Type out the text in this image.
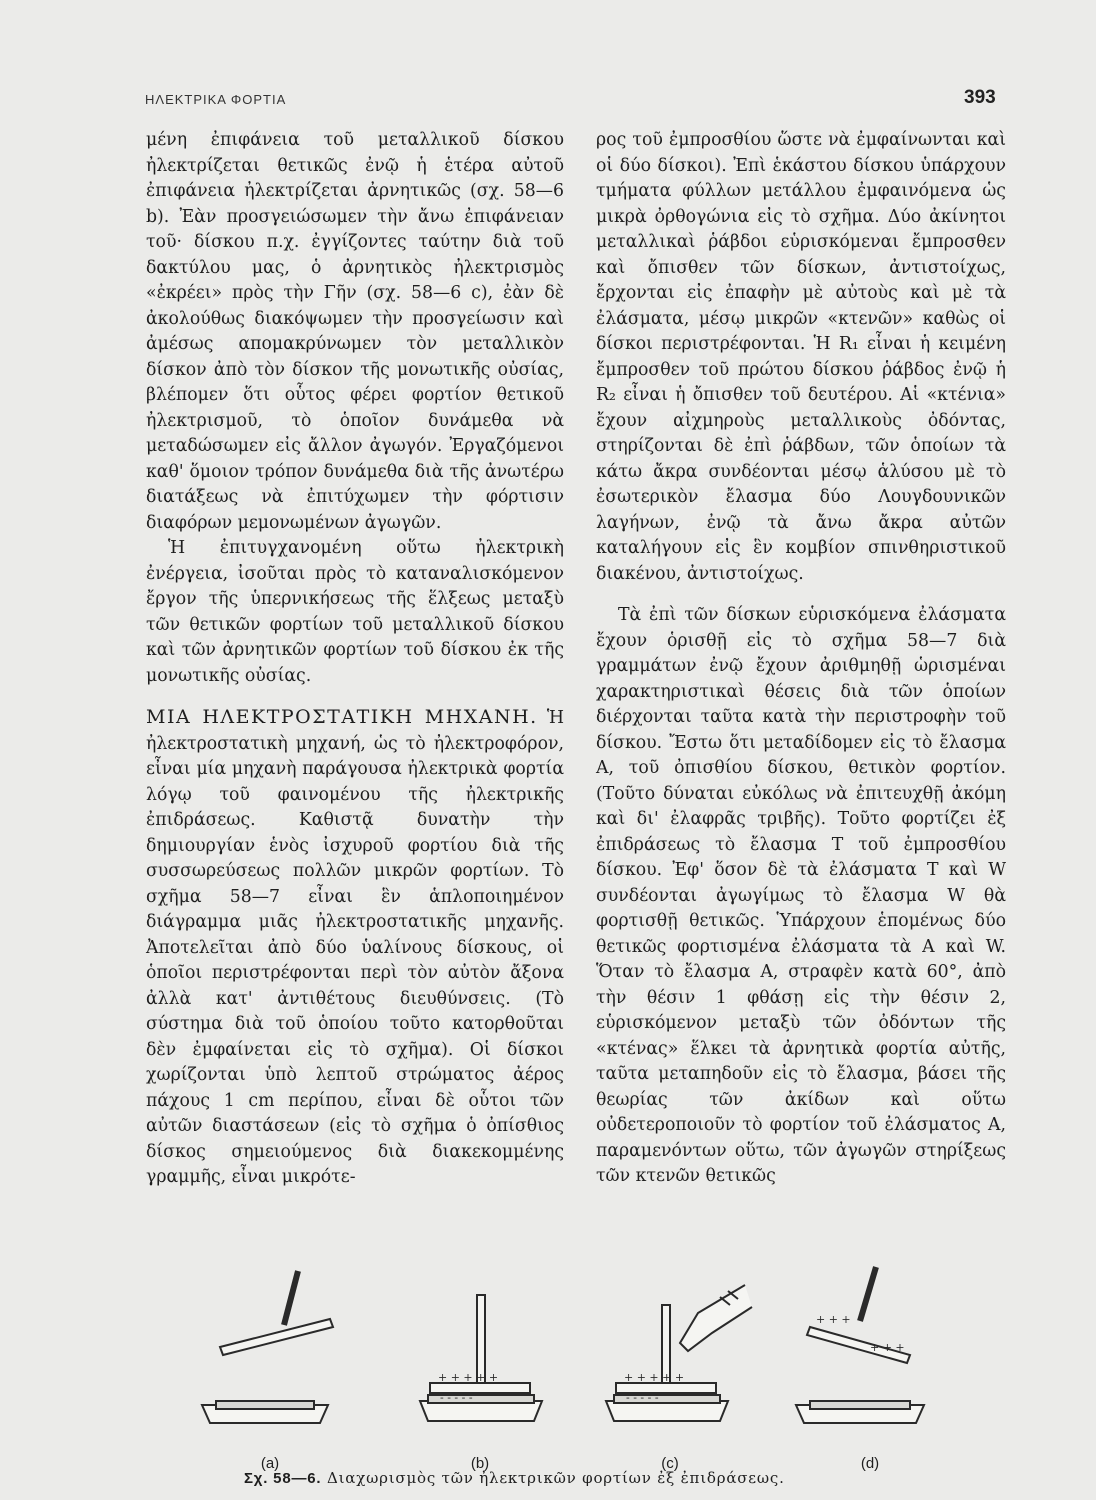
ΗΛΕΚΤΡΙΚΑ ΦΟΡΤΙΑ	393

μένη ἐπιφάνεια τοῦ μεταλλικοῦ δίσκου ἠλεκτρίζεται θετικῶς ἐνῷ ἡ ἑτέρα αὐτοῦ ἐπιφάνεια ἠλεκτρίζεται ἀρνητικῶς (σχ. 58—6 b). Ἐὰν προσγειώσωμεν τὴν ἄνω ἐπιφάνειαν τοῦ· δίσκου π.χ. ἐγγίζοντες ταύτην διὰ τοῦ δακτύλου μας, ὁ ἀρνητικὸς ἠλεκτρισμὸς «ἐκρέει» πρὸς τὴν Γῆν (σχ. 58—6 c), ἐὰν δὲ ἀκολούθως διακόψωμεν τὴν προσγείωσιν καὶ ἀμέσως απομακρύνωμεν τὸν μεταλλικὸν δίσκον ἀπὸ τὸν δίσκον τῆς μονωτικῆς οὐσίας, βλέπομεν ὅτι οὗτος φέρει φορτίον θετικοῦ ἠλεκτρισμοῦ, τὸ ὁποῖον δυνάμεθα νὰ μεταδώσωμεν εἰς ἄλλον ἀγωγόν. Ἐργαζόμενοι καθ' ὅμοιον τρόπον δυνάμεθα διὰ τῆς ἀνωτέρω διατάξεως νὰ ἐπιτύχωμεν τὴν φόρτισιν διαφόρων μεμονωμένων ἀγωγῶν.

Ἡ ἐπιτυγχανομένη οὕτω ἠλεκτρικὴ ἐνέργεια, ἰσοῦται πρὸς τὸ καταναλισκόμενον ἔργον τῆς ὑπερνικήσεως τῆς ἕλξεως μεταξὺ τῶν θετικῶν φορτίων τοῦ μεταλλικοῦ δίσκου καὶ τῶν ἀρνητικῶν φορτίων τοῦ δίσκου ἐκ τῆς μονωτικῆς οὐσίας.

ΜΙΑ ΗΛΕΚΤΡΟΣΤΑΤΙΚΗ ΜΗΧΑΝΗ. Ἡ ἠλεκτροστατικὴ μηχανή, ὡς τὸ ἠλεκτροφόρον, εἶναι μία μηχανὴ παράγουσα ἠλεκτρικὰ φορτία λόγῳ τοῦ φαινομένου τῆς ἠλεκτρικῆς ἐπιδράσεως. Καθιστᾷ δυνατὴν τὴν δημιουργίαν ἑνὸς ἰσχυροῦ φορτίου διὰ τῆς συσσωρεύσεως πολλῶν μικρῶν φορτίων. Τὸ σχῆμα 58—7 εἶναι ἓν ἁπλοποιημένον διάγραμμα μιᾶς ἠλεκτροστατικῆς μηχανῆς. Ἀποτελεῖται ἀπὸ δύο ὑαλίνους δίσκους, οἱ ὁποῖοι περιστρέφονται περὶ τὸν αὐτὸν ἄξονα ἀλλὰ κατ' ἀντιθέτους διευθύνσεις. (Τὸ σύστημα διὰ τοῦ ὁποίου τοῦτο κατορθοῦται δὲν ἐμφαίνεται εἰς τὸ σχῆμα). Οἱ δίσκοι χωρίζονται ὑπὸ λεπτοῦ στρώματος ἀέρος πάχους 1 cm περίπου, εἶναι δὲ οὗτοι τῶν αὐτῶν διαστάσεων (εἰς τὸ σχῆμα ὁ ὀπίσθιος δίσκος σημειούμενος διὰ διακεκομμένης γραμμῆς, εἶναι μικρότε-

ρος τοῦ ἐμπροσθίου ὥστε νὰ ἐμφαίνωνται καὶ οἱ δύο δίσκοι). Ἐπὶ ἑκάστου δίσκου ὑπάρχουν τμήματα φύλλων μετάλλου ἐμφαινόμενα ὡς μικρὰ ὀρθογώνια εἰς τὸ σχῆμα. Δύο ἀκίνητοι μεταλλικαὶ ῥάβδοι εὑρισκόμεναι ἔμπροσθεν καὶ ὄπισθεν τῶν δίσκων, ἀντιστοίχως, ἔρχονται εἰς ἐπαφὴν μὲ αὐτοὺς καὶ μὲ τὰ ἐλάσματα, μέσῳ μικρῶν «κτενῶν» καθὼς οἱ δίσκοι περιστρέφονται. Ἡ R₁ εἶναι ἡ κειμένη ἔμπροσθεν τοῦ πρώτου δίσκου ῥάβδος ἐνῷ ἡ R₂ εἶναι ἡ ὄπισθεν τοῦ δευτέρου. Αἱ «κτένια» ἔχουν αἰχμηροὺς μεταλλικοὺς ὀδόντας, στηρίζονται δὲ ἐπὶ ῥάβδων, τῶν ὁποίων τὰ κάτω ἄκρα συνδέονται μέσῳ ἁλύσου μὲ τὸ ἐσωτερικὸν ἔλασμα δύο Λουγδουνικῶν λαγήνων, ἐνῷ τὰ ἄνω ἄκρα αὐτῶν καταλήγουν εἰς ἓν κομβίον σπινθηριστικοῦ διακένου, ἀντιστοίχως.

Τὰ ἐπὶ τῶν δίσκων εὑρισκόμενα ἐλάσματα ἔχουν ὁρισθῇ εἰς τὸ σχῆμα 58—7 διὰ γραμμάτων ἐνῷ ἔχουν ἀριθμηθῇ ὡρισμέναι χαρακτηριστικαὶ θέσεις διὰ τῶν ὁποίων διέρχονται ταῦτα κατὰ τὴν περιστροφὴν τοῦ δίσκου. Ἔστω ὅτι μεταδίδομεν εἰς τὸ ἔλασμα Α, τοῦ ὀπισθίου δίσκου, θετικὸν φορτίον.(Τοῦτο δύναται εὐκόλως νὰ ἐπιτευχθῇ ἀκόμη καὶ δι' ἐλαφρᾶς τριβῆς). Τοῦτο φορτίζει ἐξ ἐπιδράσεως τὸ ἔλασμα Τ τοῦ ἐμπροσθίου δίσκου. Ἐφ' ὅσον δὲ τὰ ἐλάσματα Τ καὶ W συνδέονται ἀγωγίμως τὸ ἔλασμα W θὰ φορτισθῇ θετικῶς. Ὑπάρχουν ἑπομένως δύο θετικῶς φορτισμένα ἐλάσματα τὰ Α καὶ W. Ὅταν τὸ ἔλασμα Α, στραφὲν κατὰ 60°, ἀπὸ τὴν θέσιν 1 φθάσῃ εἰς τὴν θέσιν 2, εὑρισκόμενον μεταξὺ τῶν ὀδόντων τῆς «κτένας» ἕλκει τὰ ἀρνητικὰ φορτία αὐτῆς, ταῦτα μεταπηδοῦν εἰς τὸ ἔλασμα, βάσει τῆς θεωρίας τῶν ἀκίδων καὶ οὕτω οὐδετεροποιοῦν τὸ φορτίον τοῦ ἐλάσματος Α, παραμενόντων οὕτω, τῶν ἀγωγῶν στηρίξεως τῶν κτενῶν θετικῶς

(a)
+ + + + +
- - - - -
(b)
+ + + + +
- - - - -
(c)
+ + +
+ + +
(d)
Σχ. 58—6. Διαχωρισμὸς τῶν ἠλεκτρικῶν φορτίων ἐξ ἐπιδράσεως.
